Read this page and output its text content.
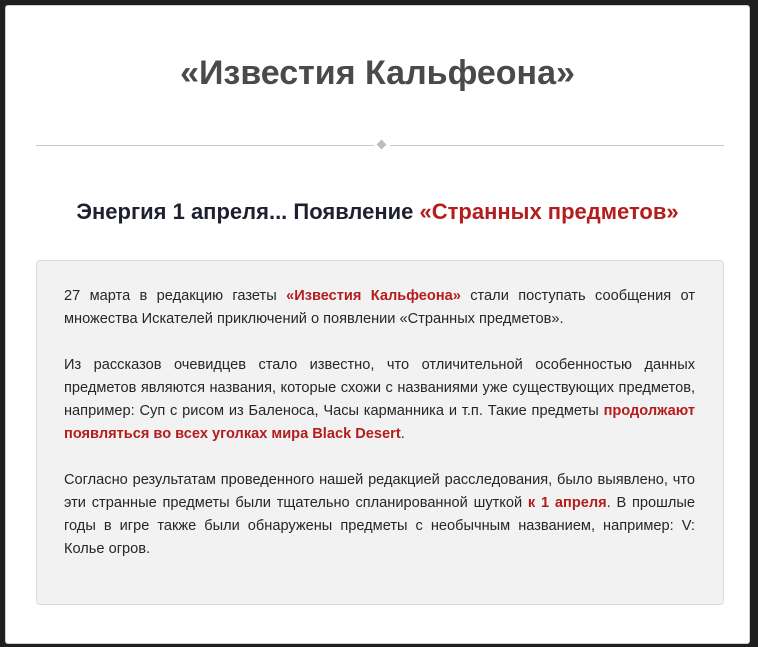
«Известия Кальфеона»
Энергия 1 апреля... Появление «Странных предметов»

27 марта в редакцию газеты «Известия Кальфеона» стали поступать сообщения от множества Искателей приключений о появлении «Странных предметов».

Из рассказов очевидцев стало известно, что отличительной особенностью данных предметов являются названия, которые схожи с названиями уже существующих предметов, например: Суп с рисом из Баленоса, Часы карманника и т.п. Такие предметы продолжают появляться во всех уголках мира Black Desert.

Согласно результатам проведенного нашей редакцией расследования, было выявлено, что эти странные предметы были тщательно спланированной шуткой к 1 апреля. В прошлые годы в игре также были обнаружены предметы с необычным названием, например: V: Колье огров.
